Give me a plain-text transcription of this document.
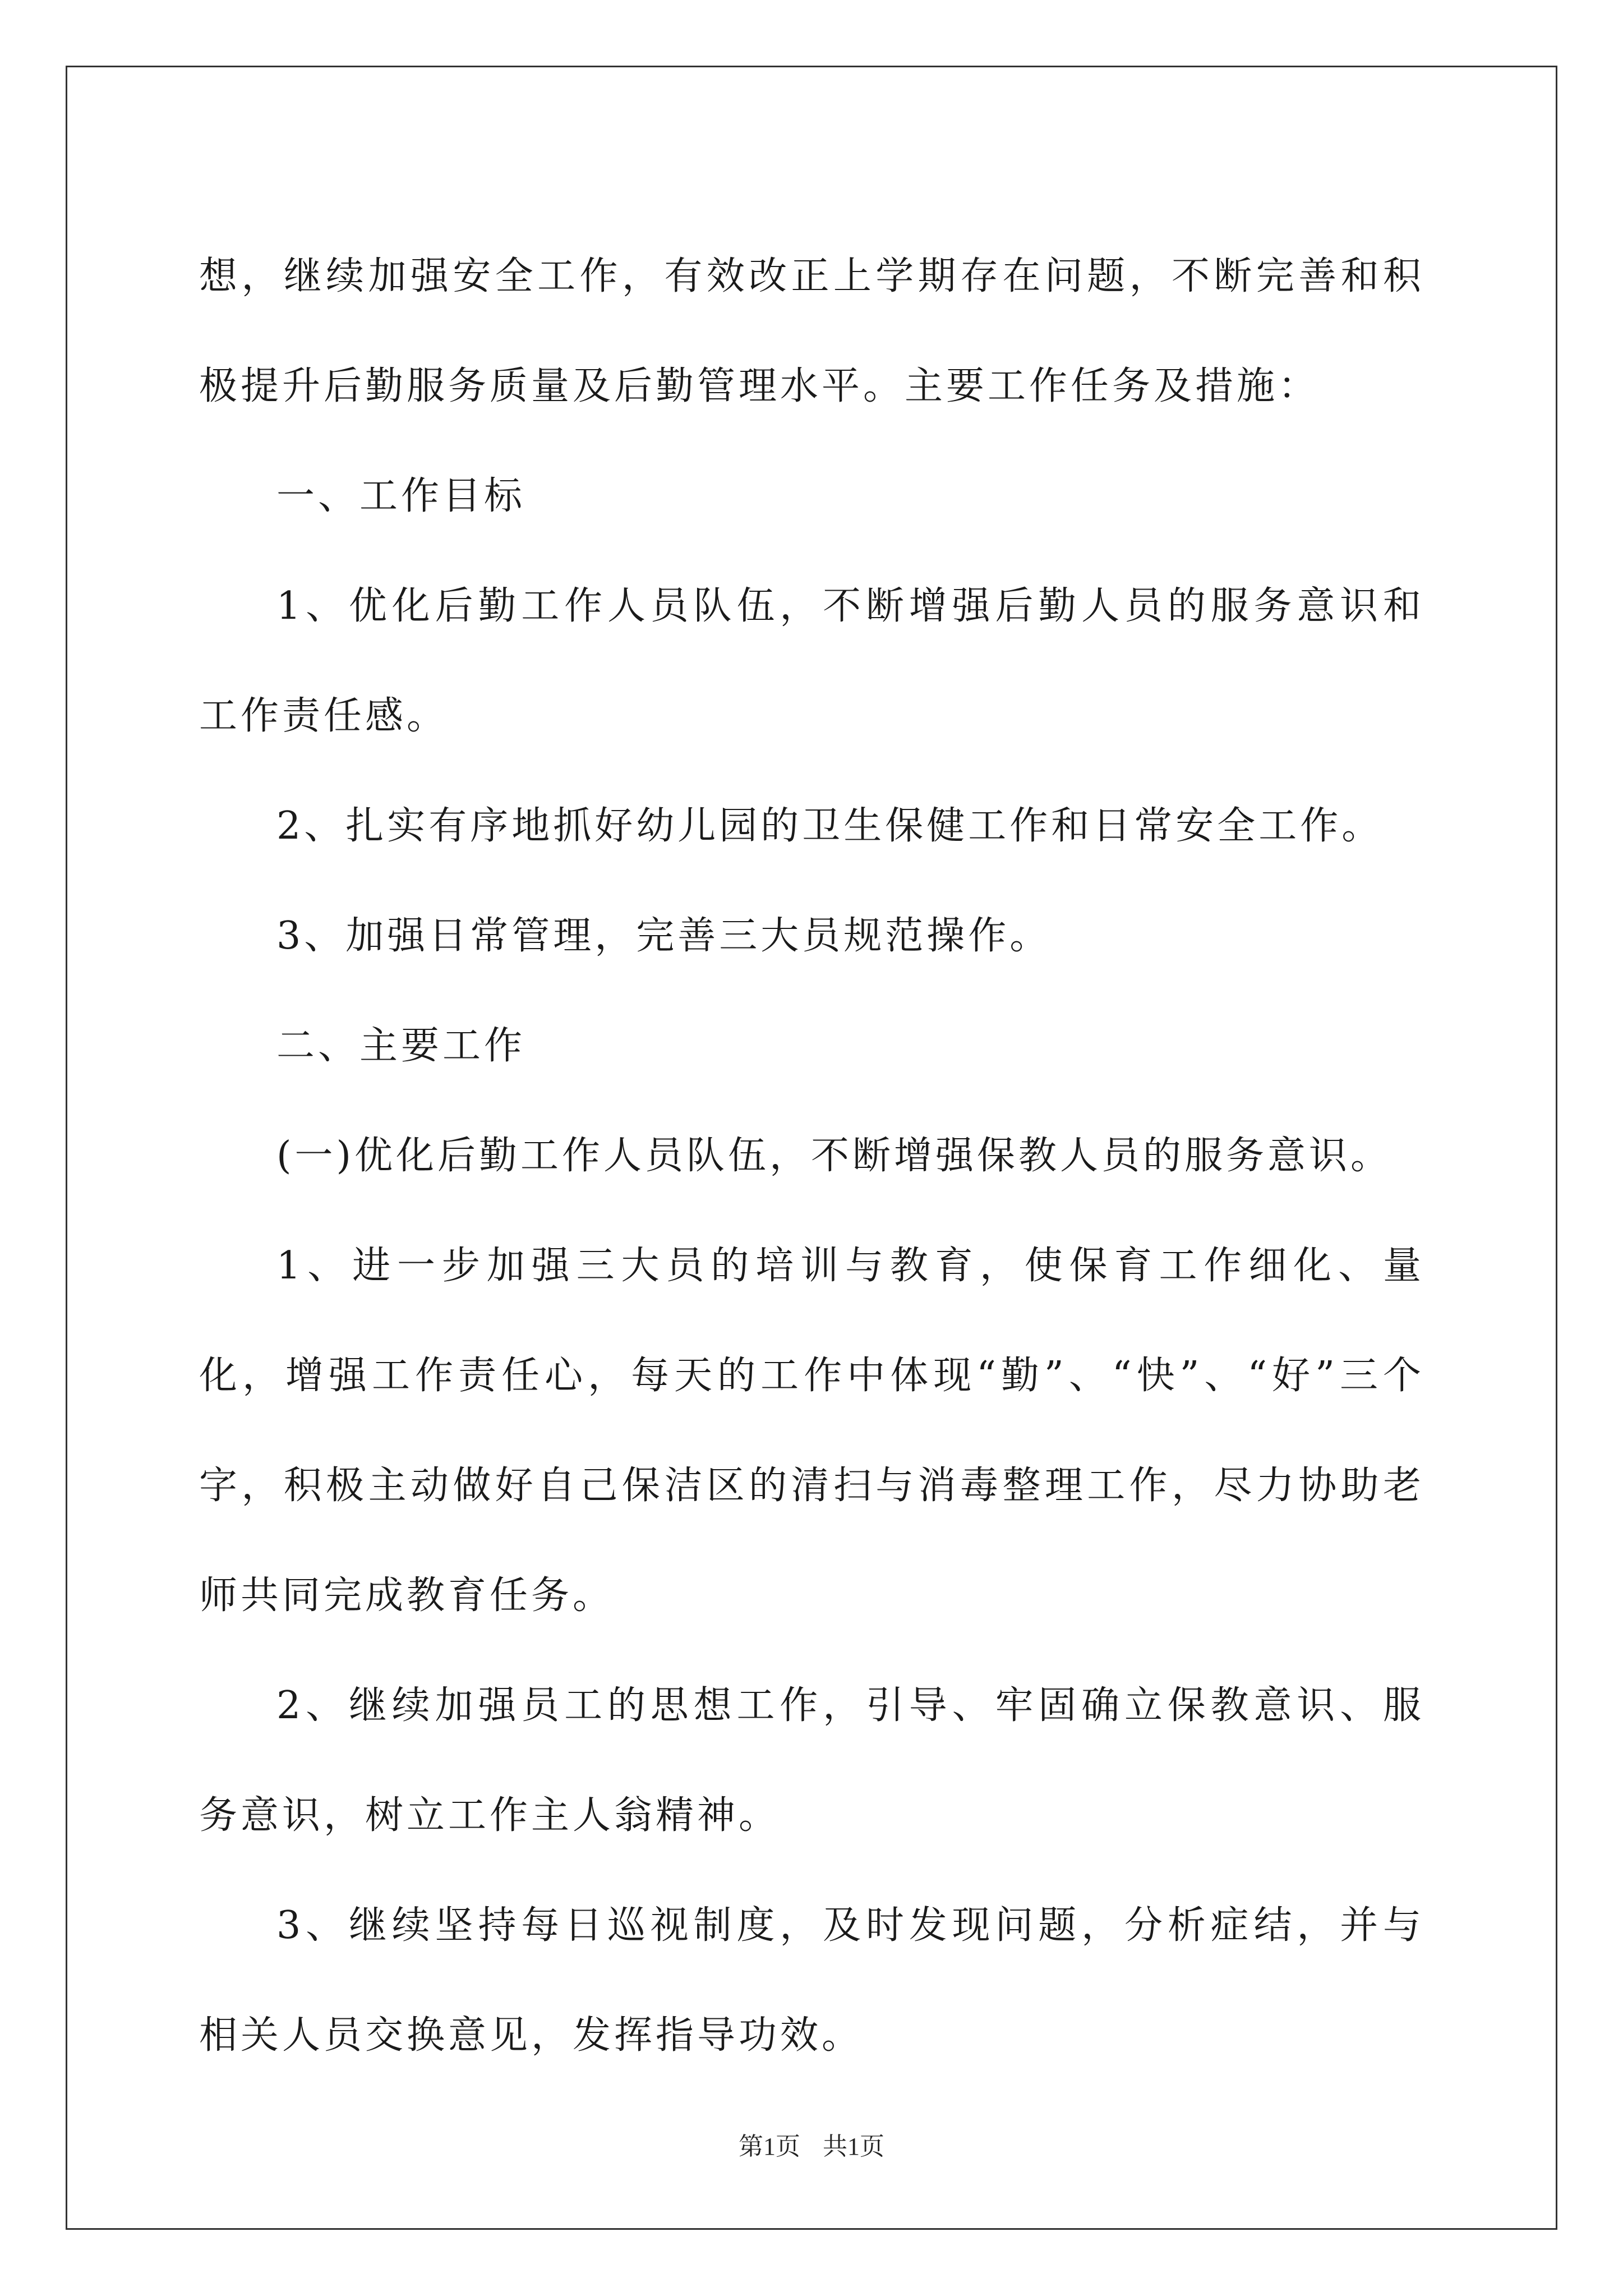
想，继续加强安全工作，有效改正上学期存在问题，不断完善和积极提升后勤服务质量及后勤管理水平。主要工作任务及措施：

一、工作目标

1、优化后勤工作人员队伍，不断增强后勤人员的服务意识和工作责任感。

2、扎实有序地抓好幼儿园的卫生保健工作和日常安全工作。

3、加强日常管理，完善三大员规范操作。

二、主要工作

(一)优化后勤工作人员队伍，不断增强保教人员的服务意识。

1、进一步加强三大员的培训与教育，使保育工作细化、量化，增强工作责任心，每天的工作中体现“勤”、“快”、“好”三个字，积极主动做好自己保洁区的清扫与消毒整理工作，尽力协助老师共同完成教育任务。

2、继续加强员工的思想工作，引导、牢固确立保教意识、服务意识，树立工作主人翁精神。

3、继续坚持每日巡视制度，及时发现问题，分析症结，并与相关人员交换意见，发挥指导功效。

第1页 共1页
